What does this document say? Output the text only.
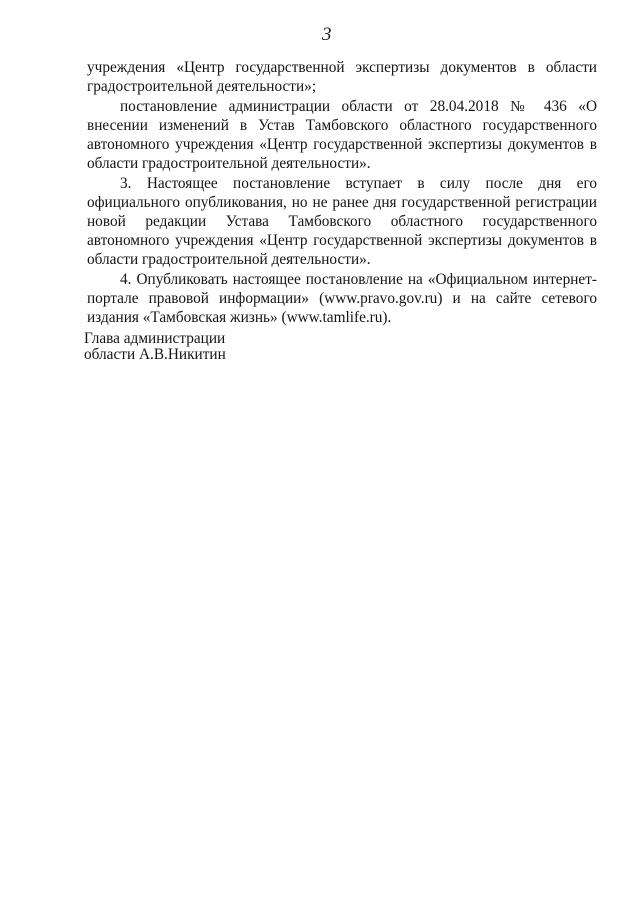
3
учреждения «Центр государственной экспертизы документов в области
градостроительной деятельности»;
постановление администрации области от 28.04.2018 № 436 «О
внесении изменений в Устав Тамбовского областного государственного
автономного учреждения «Центр государственной экспертизы документов в
области градостроительной деятельности».
3. Настоящее постановление вступает в силу после дня его
официального опубликования, но не ранее дня государственной регистрации
новой редакции Устава Тамбовского областного государственного
автономного учреждения «Центр государственной экспертизы документов в
области градостроительной деятельности».
4. Опубликовать настоящее постановление на «Официальном интернет-
портале правовой информации» (www.pravo.gov.ru) и на сайте сетевого
издания «Тамбовская жизнь» (www.tamlife.ru).
Глава администрации
области А.В.Никитин
